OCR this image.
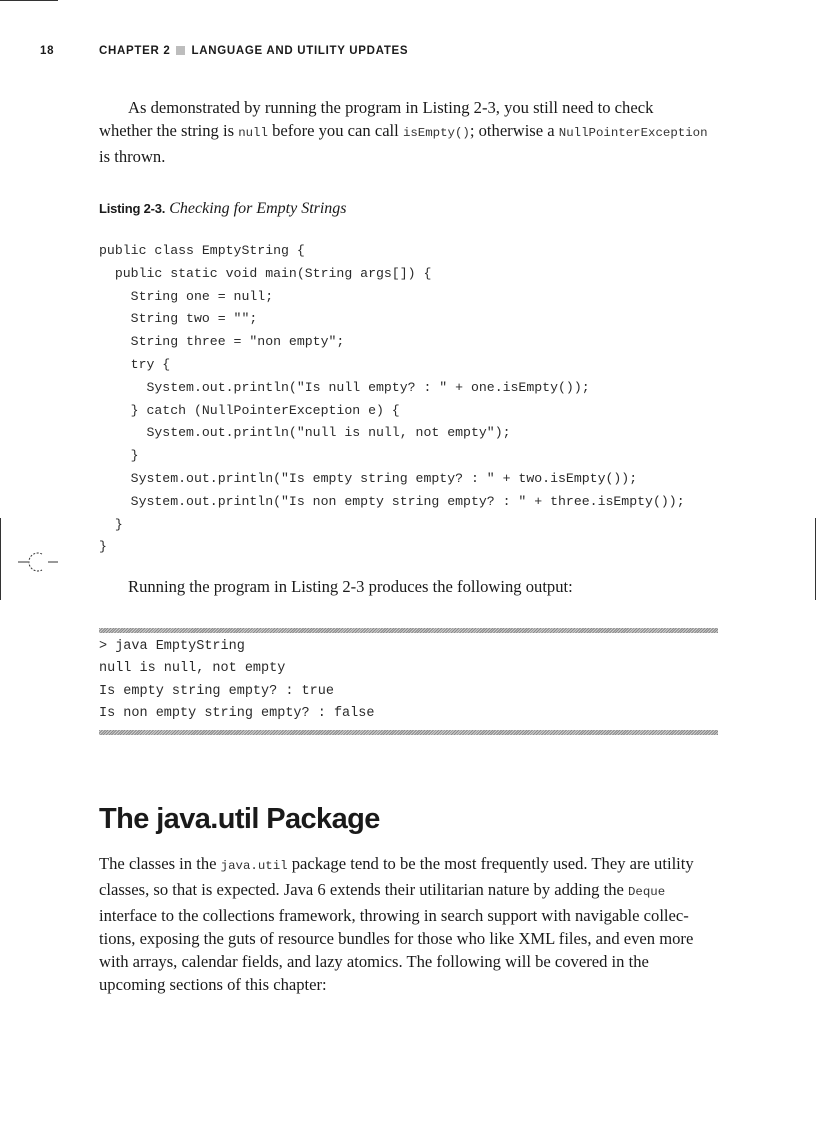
18	CHAPTER 2 LANGUAGE AND UTILITY UPDATES
As demonstrated by running the program in Listing 2-3, you still need to check
whether the string is null before you can call isEmpty(); otherwise a NullPointerException
is thrown.
Listing 2-3. Checking for Empty Strings
public class EmptyString {
public static void main(String args[]) {
String one = null;
String two = "";
String three = "non empty";
try {
System.out.println("Is null empty? : " + one.isEmpty());
} catch (NullPointerException e) {
System.out.println("null is null, not empty");
}
System.out.println("Is empty string empty? : " + two.isEmpty());
System.out.println("Is non empty string empty? : " + three.isEmpty());
}
}
Running the program in Listing 2-3 produces the following output:
> java EmptyString
null is null, not empty
Is empty string empty? : true
Is non empty string empty? : false
The java.util Package
The classes in the java.util package tend to be the most frequently used. They are utility
classes, so that is expected. Java 6 extends their utilitarian nature by adding the Deque
interface to the collections framework, throwing in search support with navigable collec-
tions, exposing the guts of resource bundles for those who like XML files, and even more
with arrays, calendar fields, and lazy atomics. The following will be covered in the
upcoming sections of this chapter:
